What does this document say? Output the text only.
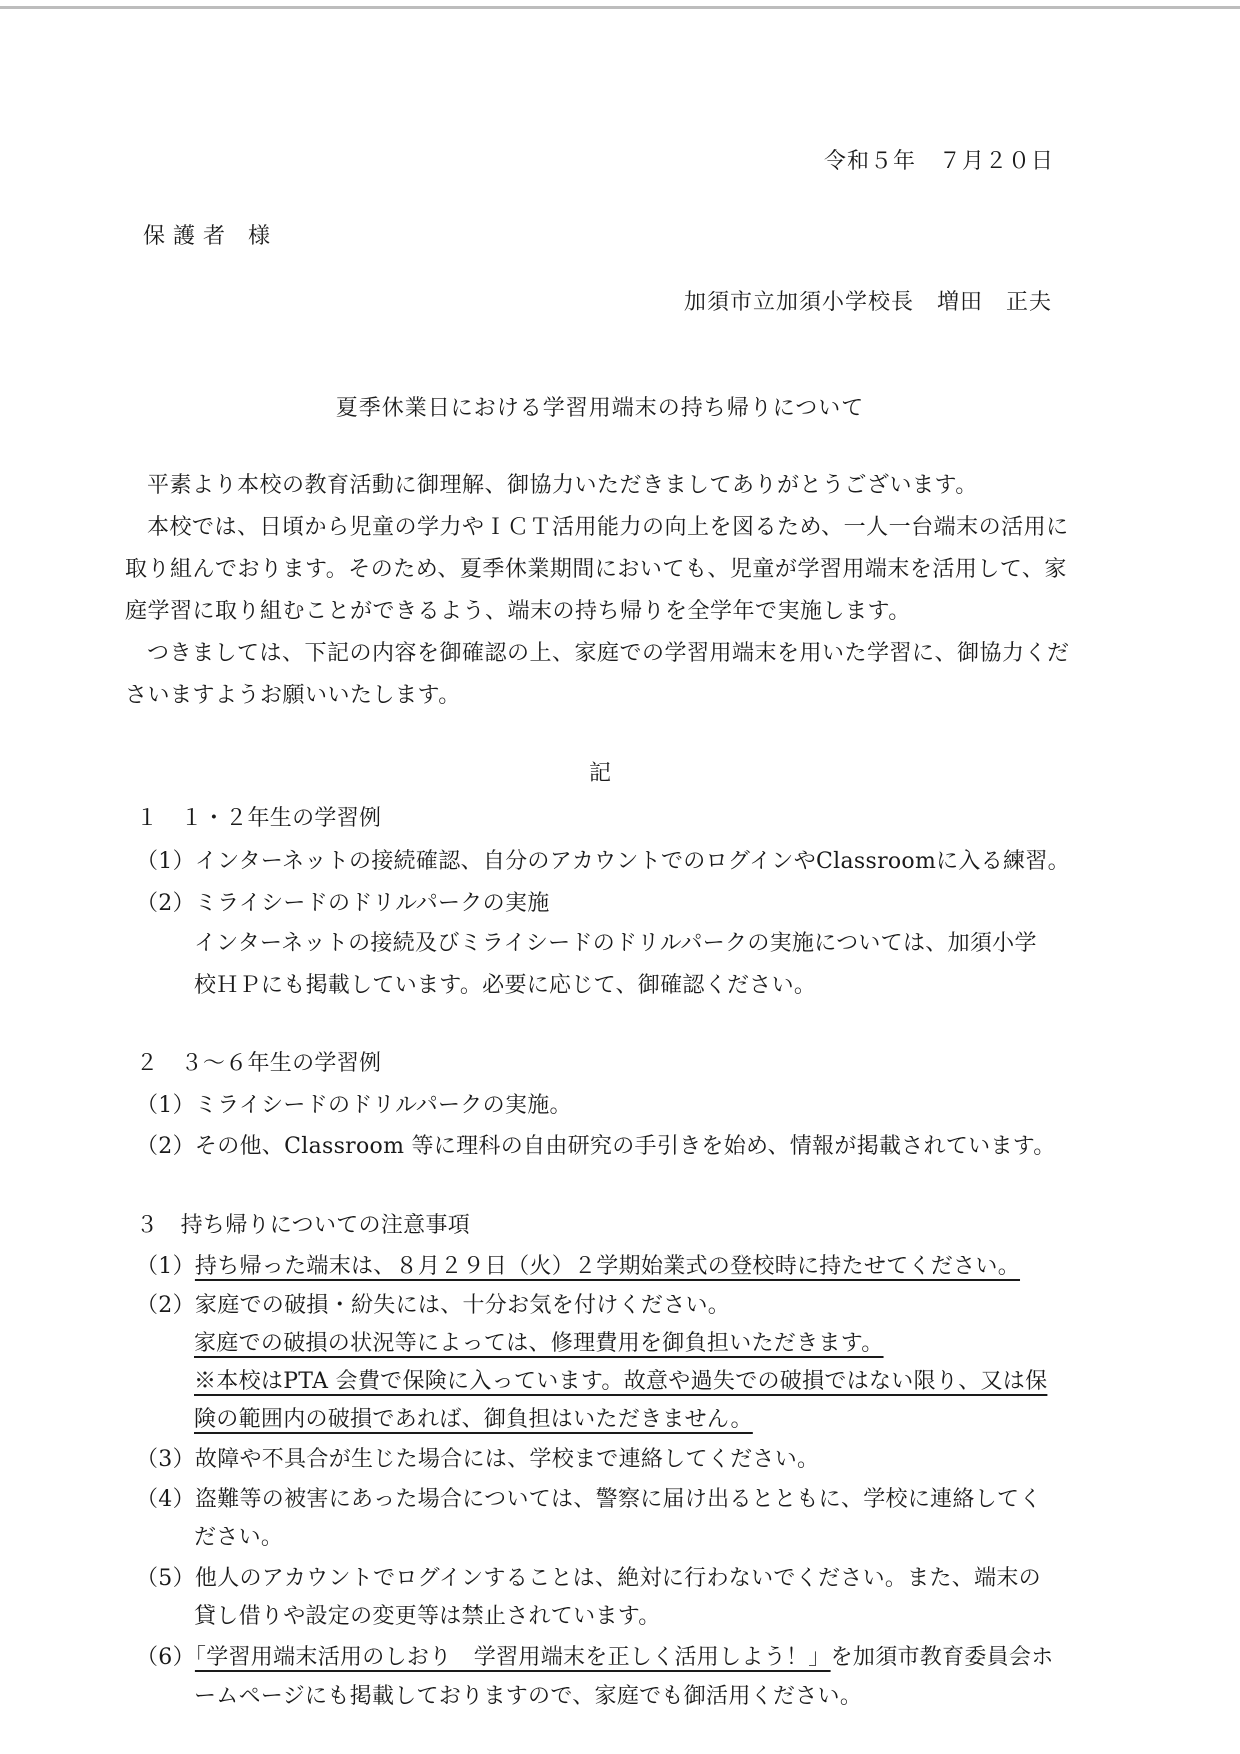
令和５年　７月２０日
保護者 様
加須市立加須小学校長　増田　正夫
夏季休業日における学習用端末の持ち帰りについて

平素より本校の教育活動に御理解、御協力いただきましてありがとうございます。

本校では、日頃から児童の学力やＩＣＴ活用能力の向上を図るため、一人一台端末の活用に取り組んでおります。そのため、夏季休業期間においても、児童が学習用端末を活用して、家庭学習に取り組むことができるよう、端末の持ち帰りを全学年で実施します。

つきましては、下記の内容を御確認の上、家庭での学習用端末を用いた学習に、御協力くださいますようお願いいたします。

記
１　１・２年生の学習例
（1）インターネットの接続確認、自分のアカウントでのログインやClassroomに入る練習。
（2）ミライシードのドリルパークの実施
インターネットの接続及びミライシードのドリルパークの実施については、加須小学
校ＨＰにも掲載しています。必要に応じて、御確認ください。
２　３～６年生の学習例
（1）ミライシードのドリルパークの実施。
（2）その他、Classroom 等に理科の自由研究の手引きを始め、情報が掲載されています。
３　持ち帰りについての注意事項
（1）持ち帰った端末は、８月２９日（火）２学期始業式の登校時に持たせてください。
（2）家庭での破損・紛失には、十分お気を付けください。
家庭での破損の状況等によっては、修理費用を御負担いただきます。
※本校はPTA 会費で保険に入っています。故意や過失での破損ではない限り、又は保
険の範囲内の破損であれば、御負担はいただきません。
（3）故障や不具合が生じた場合には、学校まで連絡してください。
（4）盗難等の被害にあった場合については、警察に届け出るとともに、学校に連絡してく
ださい。
（5）他人のアカウントでログインすることは、絶対に行わないでください。また、端末の
貸し借りや設定の変更等は禁止されています。
（6）「学習用端末活用のしおり　学習用端末を正しく活用しよう！」を加須市教育委員会ホ
ームページにも掲載しておりますので、家庭でも御活用ください。
